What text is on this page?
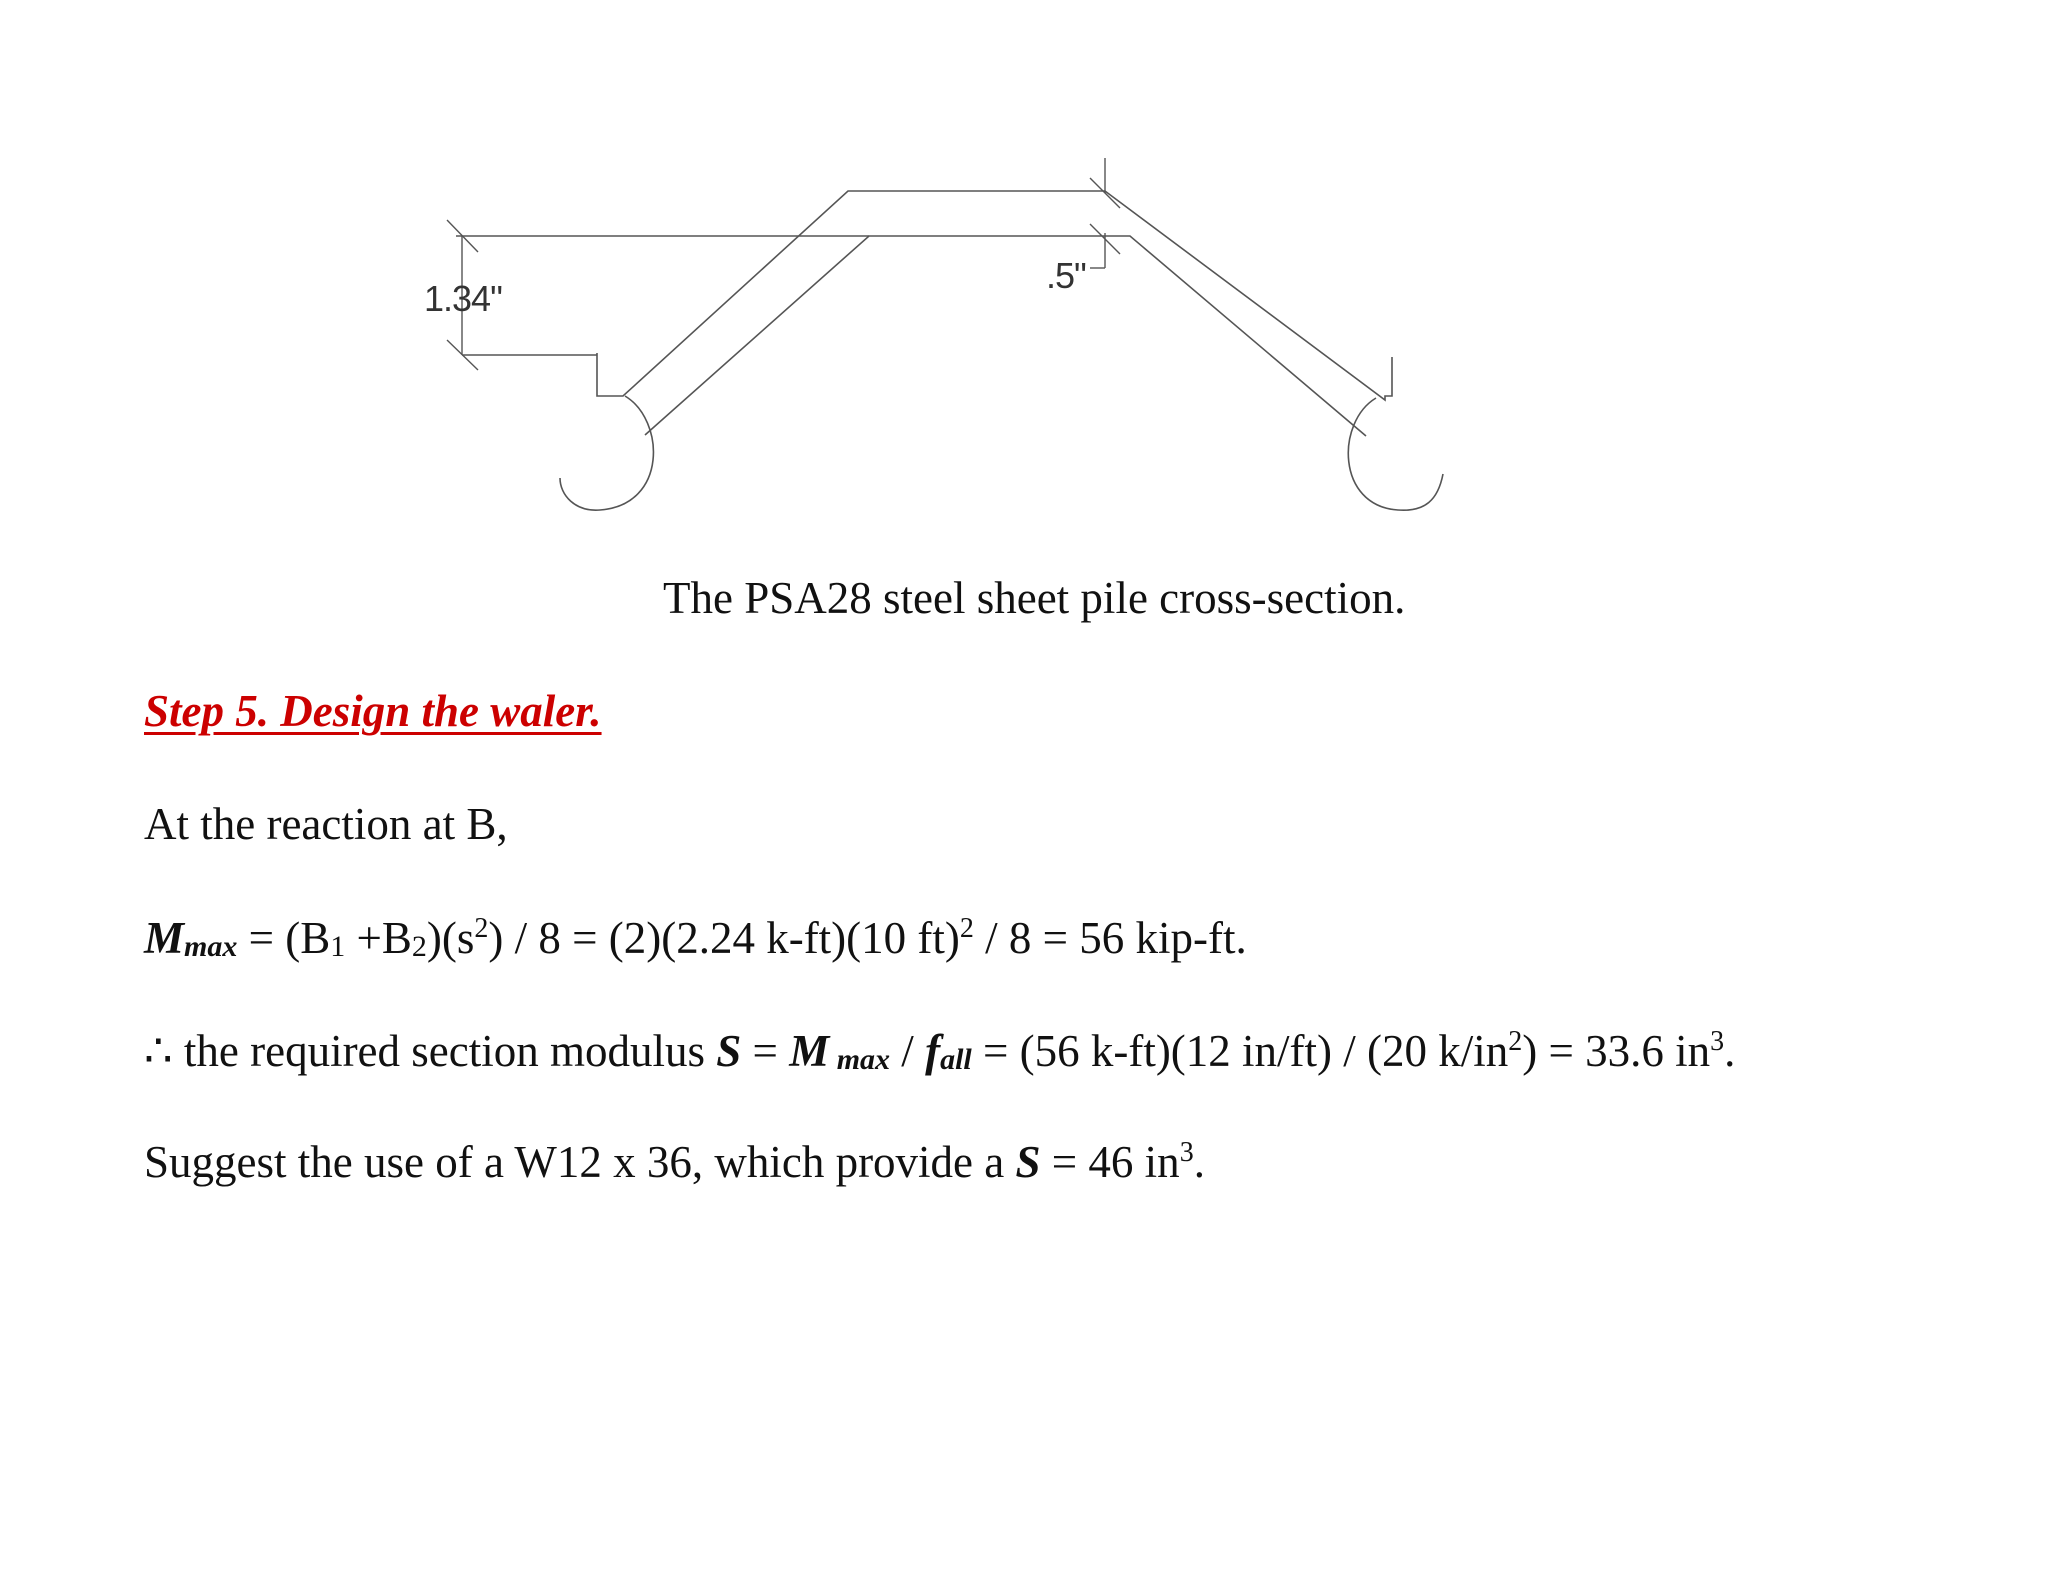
1.34"
.5"
The PSA28 steel sheet pile cross-section.
Step 5. Design the waler.
At the reaction at B,
$Mmax = (B1 +B2)(s^2) / 8 = (2)(2.24$ k-ft)(10 ft)$^2$ / 8 = 56 kip-ft.
∴ the required section modulus S = M max / fall = (56 k-ft)(12 in/ft) / (20 $k/in^2) = 33.6$ $in^3$.
Suggest the use of a W12 x 36, which provide a S = 46 $in^3$.
